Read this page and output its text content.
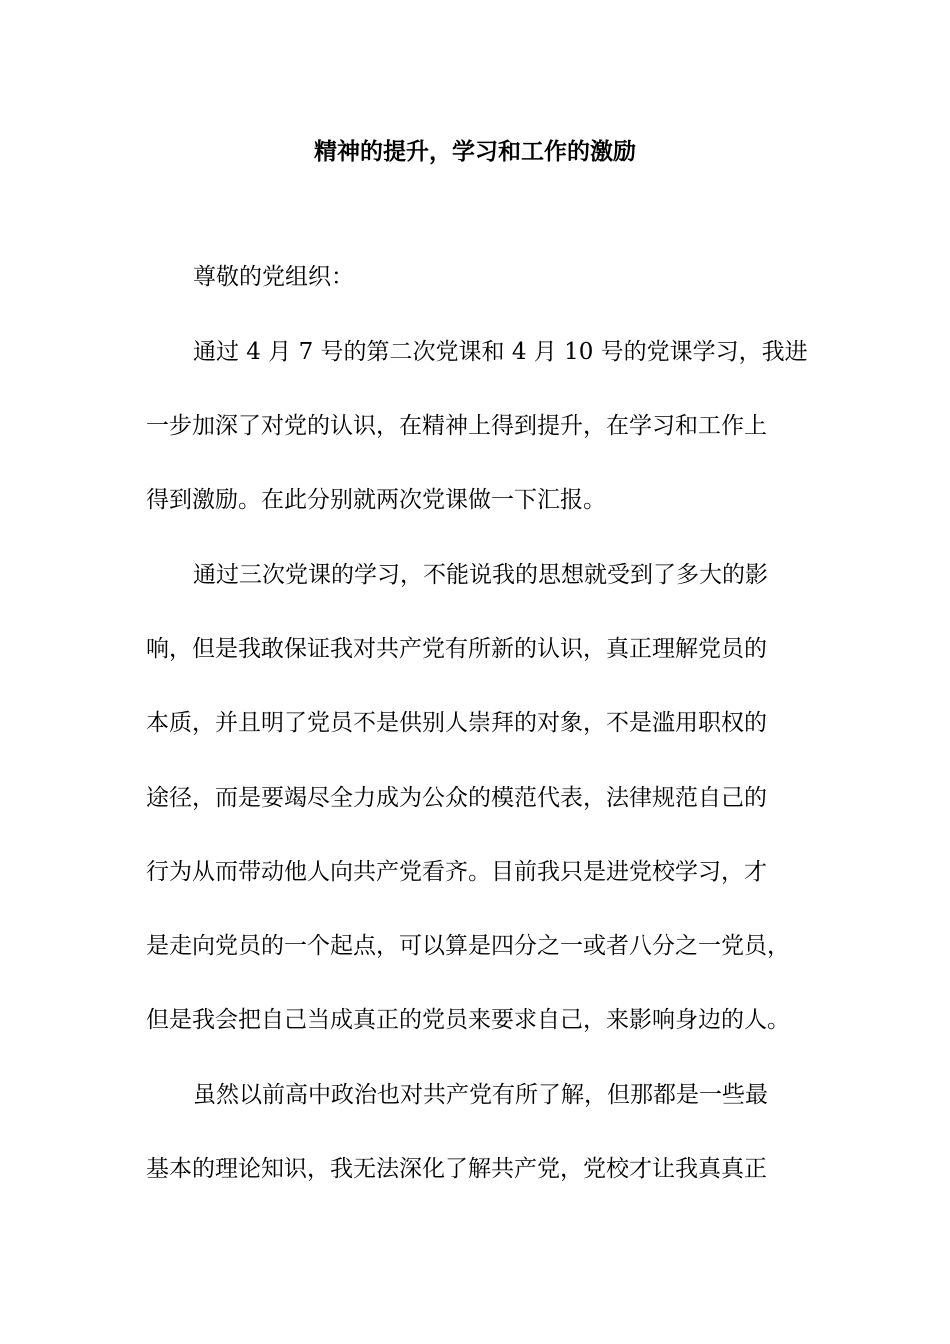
精神的提升，学习和工作的激励
尊敬的党组织：
通过 4 月 7 号的第二次党课和 4 月 10 号的党课学习，我进
一步加深了对党的认识，在精神上得到提升，在学习和工作上
得到激励。在此分别就两次党课做一下汇报。
通过三次党课的学习，不能说我的思想就受到了多大的影
响，但是我敢保证我对共产党有所新的认识，真正理解党员的
本质，并且明了党员不是供别人崇拜的对象，不是滥用职权的
途径，而是要竭尽全力成为公众的模范代表，法律规范自己的
行为从而带动他人向共产党看齐。目前我只是进党校学习，才
是走向党员的一个起点，可以算是四分之一或者八分之一党员，
但是我会把自己当成真正的党员来要求自己，来影响身边的人。
虽然以前高中政治也对共产党有所了解，但那都是一些最
基本的理论知识，我无法深化了解共产党，党校才让我真真正
